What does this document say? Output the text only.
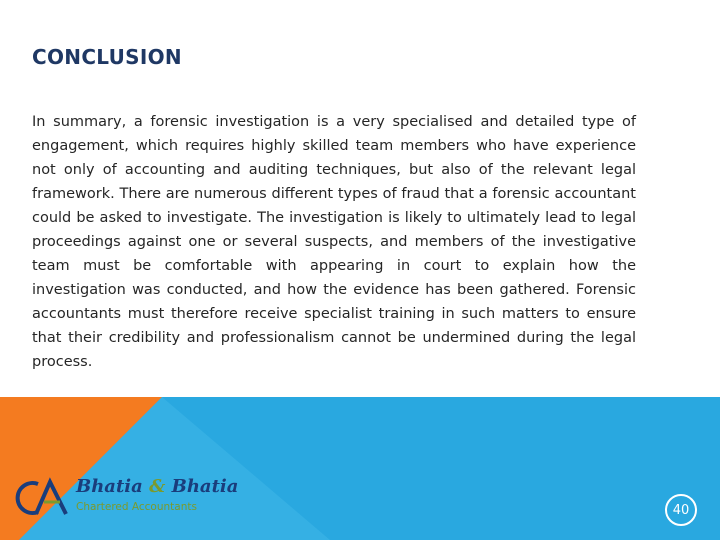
CONCLUSION

In summary, a forensic investigation is a very specialised and detailed type of engagement, which requires highly skilled team members who have experience not only of accounting and auditing techniques, but also of the relevant legal framework. There are numerous different types of fraud that a forensic accountant could be asked to investigate. The investigation is likely to ultimately lead to legal proceedings against one or several suspects, and members of the investigative team must be comfortable with appearing in court to explain how the investigation was conducted, and how the evidence has been gathered. Forensic accountants must therefore receive specialist training in such matters to ensure that their credibility and professionalism cannot be undermined during the legal process.

Bhatia & Bhatia
Chartered Accountants	40
